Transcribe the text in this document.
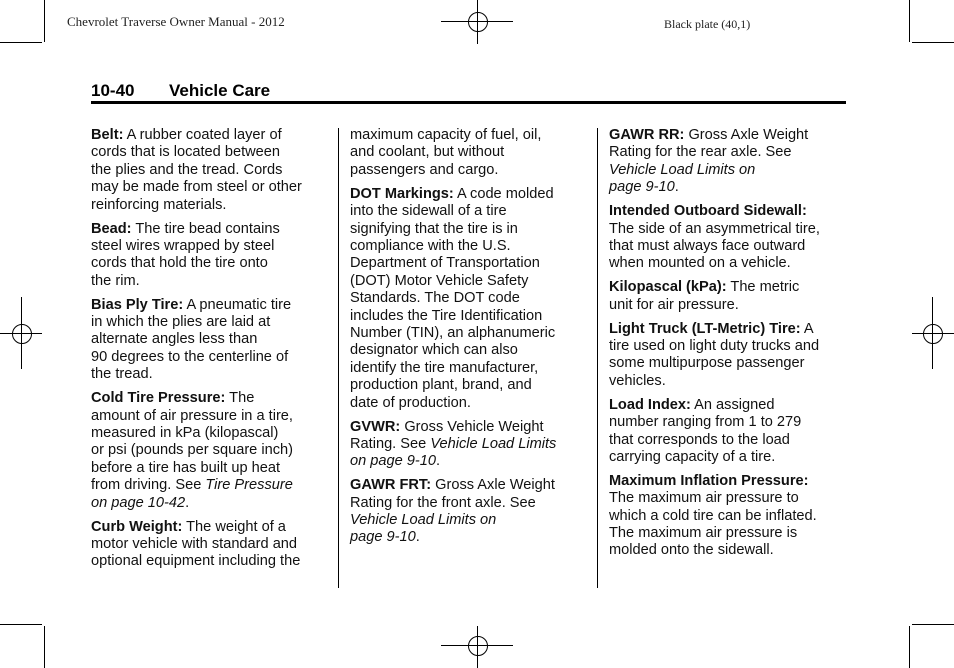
Chevrolet Traverse Owner Manual - 2012	Black plate (40,1)
10-40 Vehicle Care
Belt: A rubber coated layer of
cords that is located between
the plies and the tread. Cords
may be made from steel or other
reinforcing materials.
Bead: The tire bead contains
steel wires wrapped by steel
cords that hold the tire onto
the rim.
Bias Ply Tire: A pneumatic tire
in which the plies are laid at
alternate angles less than
90 degrees to the centerline of
the tread.
Cold Tire Pressure: The
amount of air pressure in a tire,
measured in kPa (kilopascal)
or psi (pounds per square inch)
before a tire has built up heat
from driving. See Tire Pressure
on page 10-42.
Curb Weight: The weight of a
motor vehicle with standard and
optional equipment including the
maximum capacity of fuel, oil,
and coolant, but without
passengers and cargo.
DOT Markings: A code molded
into the sidewall of a tire
signifying that the tire is in
compliance with the U.S.
Department of Transportation
(DOT) Motor Vehicle Safety
Standards. The DOT code
includes the Tire Identification
Number (TIN), an alphanumeric
designator which can also
identify the tire manufacturer,
production plant, brand, and
date of production.
GVWR: Gross Vehicle Weight
Rating. See Vehicle Load Limits
on page 9-10.
GAWR FRT: Gross Axle Weight
Rating for the front axle. See
Vehicle Load Limits on
page 9-10.
GAWR RR: Gross Axle Weight
Rating for the rear axle. See
Vehicle Load Limits on
page 9-10.
Intended Outboard Sidewall:
The side of an asymmetrical tire,
that must always face outward
when mounted on a vehicle.
Kilopascal (kPa): The metric
unit for air pressure.
Light Truck (LT-Metric) Tire: A
tire used on light duty trucks and
some multipurpose passenger
vehicles.
Load Index: An assigned
number ranging from 1 to 279
that corresponds to the load
carrying capacity of a tire.
Maximum Inflation Pressure:
The maximum air pressure to
which a cold tire can be inflated.
The maximum air pressure is
molded onto the sidewall.
